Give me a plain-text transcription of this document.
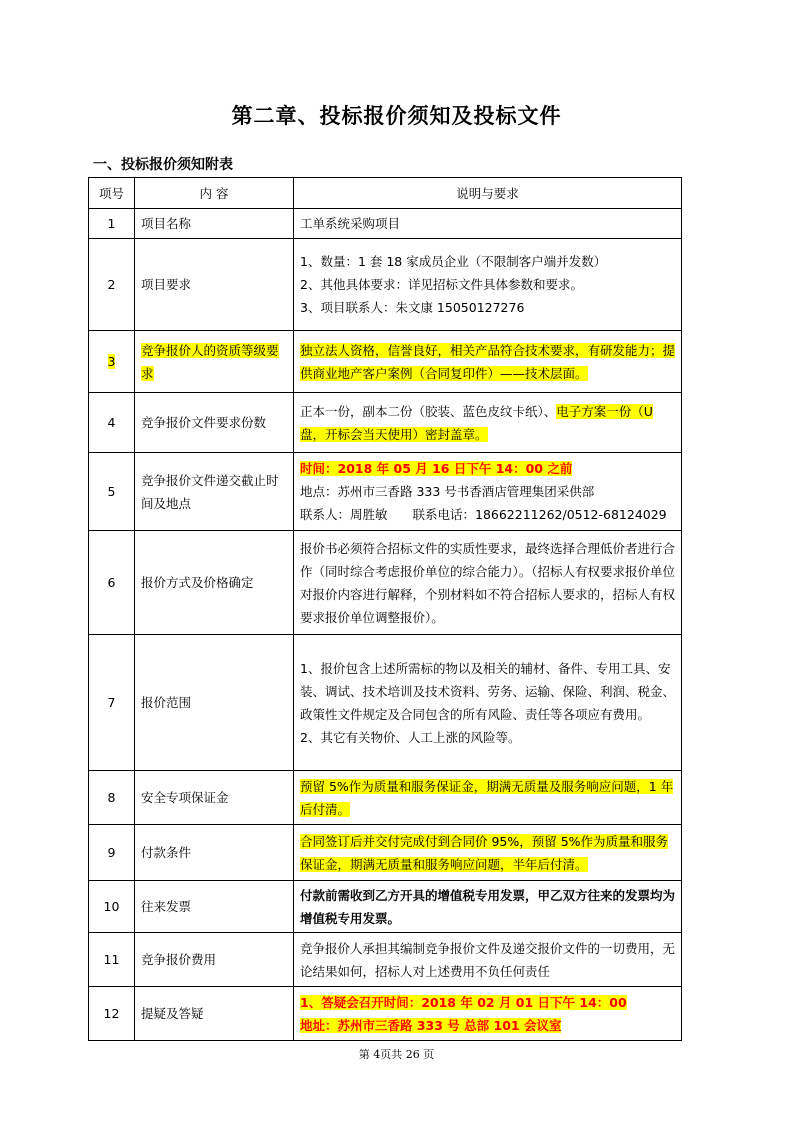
第二章、投标报价须知及投标文件
一、投标报价须知附表
项号	内 容	说明与要求
1	项目名称	工单系统采购项目
2	项目要求	1、数量：1 套 18 家成员企业（不限制客户端并发数）
2、其他具体要求：详见招标文件具体参数和要求。
3、项目联系人：朱文康 15050127276

3	竞争报价人的资质等级要求	独立法人资格，信誉良好，相关产品符合技术要求，有研发能力；提供商业地产客户案例（合同复印件）——技术层面。
4	竞争报价文件要求份数	正本一份，副本二份（胶装、蓝色皮纹卡纸）、电子方案一份（U 盘，开标会当天使用）密封盖章。
5	竞争报价文件递交截止时间及地点	时间：2018 年 05 月 16 日下午 14：00 之前
地点：苏州市三香路 333 号书香酒店管理集团采供部
联系人：周胜敏　　联系电话：18662211262/0512-68124029

6	报价方式及价格确定	报价书必须符合招标文件的实质性要求，最终选择合理低价者进行合作（同时综合考虑报价单位的综合能力）。（招标人有权要求报价单位对报价内容进行解释，个别材料如不符合招标人要求的，招标人有权要求报价单位调整报价）。
7	报价范围	1、报价包含上述所需标的物以及相关的辅材、备件、专用工具、安装、调试、技术培训及技术资料、劳务、运输、保险、利润、税金、政策性文件规定及合同包含的所有风险、责任等各项应有费用。
2、其它有关物价、人工上涨的风险等。

8	安全专项保证金	预留 5%作为质量和服务保证金，期满无质量及服务响应问题，1 年后付清。
9	付款条件	合同签订后并交付完成付到合同价 95%，预留 5%作为质量和服务保证金，期满无质量和服务响应问题，半年后付清。
10	往来发票	付款前需收到乙方开具的增值税专用发票，甲乙双方往来的发票均为增值税专用发票。
11	竞争报价费用	竞争报价人承担其编制竞争报价文件及递交报价文件的一切费用，无论结果如何，招标人对上述费用不负任何责任
12	提疑及答疑	1、答疑会召开时间：2018 年 02 月 01 日下午 14：00
地址：苏州市三香路 333 号 总部 101 会议室
第 4页共 26 页
